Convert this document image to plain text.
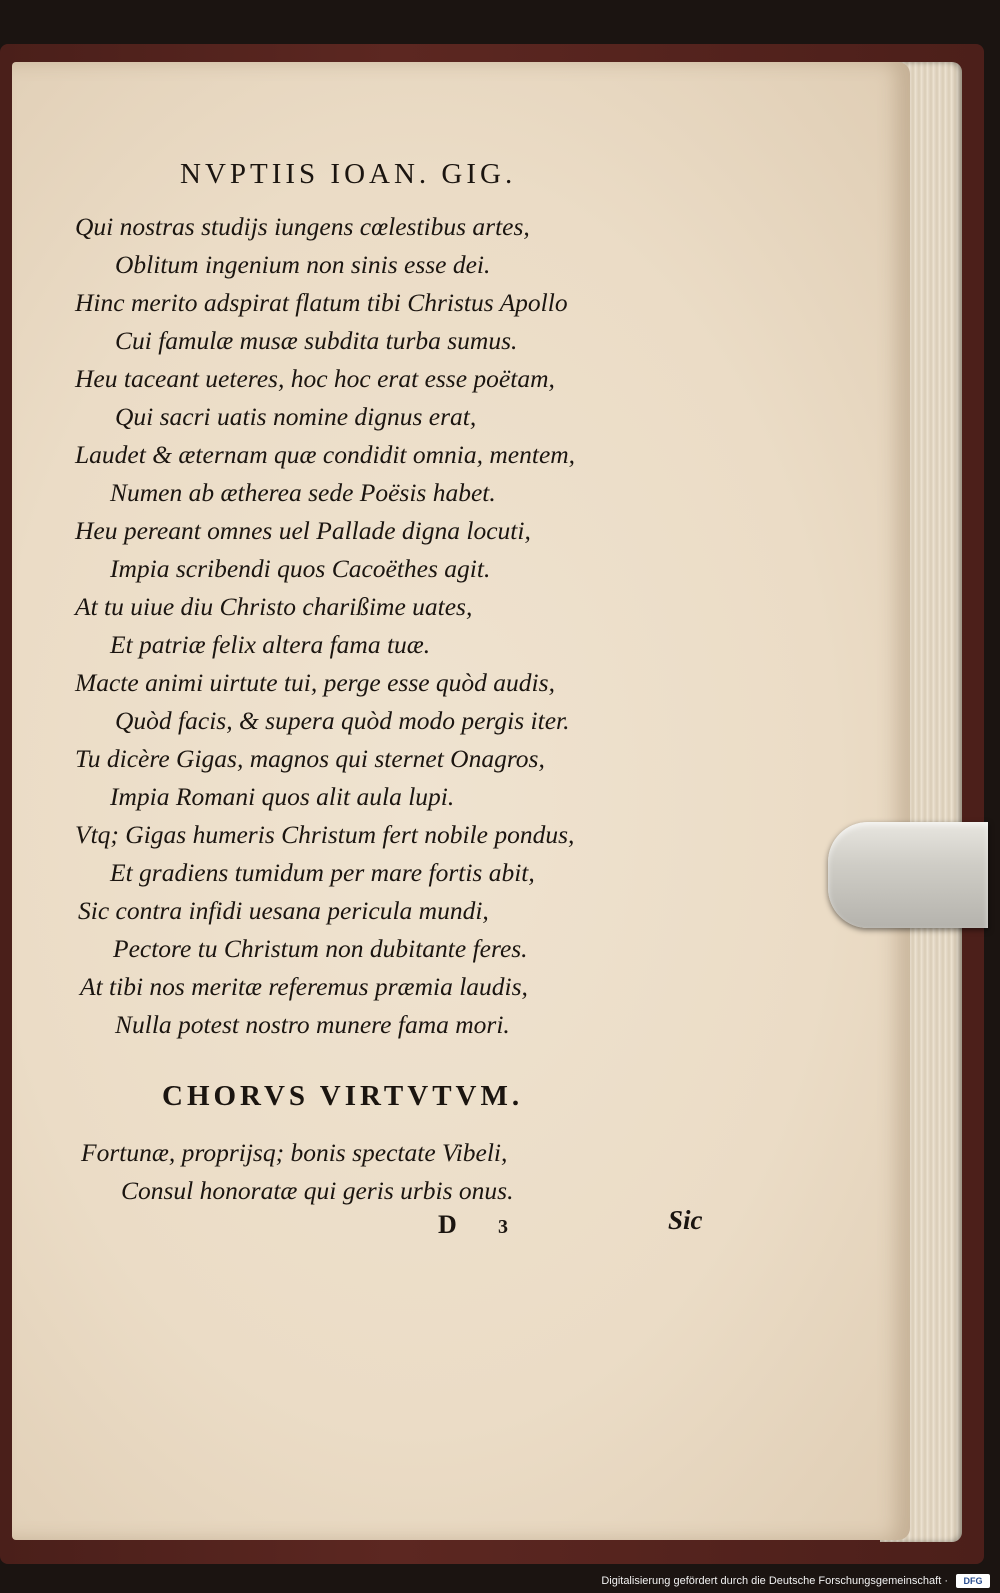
NVPTIIS IOAN. GIG.
Qui nostras studijs iungens cœlestibus artes,
Oblitum ingenium non sinis esse dei.
Hinc merito adspirat flatum tibi Christus Apollo
Cui famulæ musæ subdita turba sumus.
Heu taceant ueteres, hoc hoc erat esse poëtam,
Qui sacri uatis nomine dignus erat,
Laudet & æternam quæ condidit omnia, mentem,
Numen ab ætherea sede Poësis habet.
Heu pereant omnes uel Pallade digna locuti,
Impia scribendi quos Cacoëthes agit.
At tu uiue diu Christo charißime uates,
Et patriæ felix altera fama tuæ.
Macte animi uirtute tui, perge esse quòd audis,
Quòd facis, & supera quòd modo pergis iter.
Tu dicère Gigas, magnos qui sternet Onagros,
Impia Romani quos alit aula lupi.
Vtq; Gigas humeris Christum fert nobile pondus,
Et gradiens tumidum per mare fortis abit,
Sic contra infidi uesana pericula mundi,
Pectore tu Christum non dubitante feres.
At tibi nos meritæ referemus præmia laudis,
Nulla potest nostro munere fama mori.
Fortunæ, proprijsq; bonis spectate Vibeli,
Consul honoratæ qui geris urbis onus.
CHORVS VIRTVTVM.
D 3	Sic
Digitalisierung gefördert durch die Deutsche Forschungsgemeinschaft ·	DFG
